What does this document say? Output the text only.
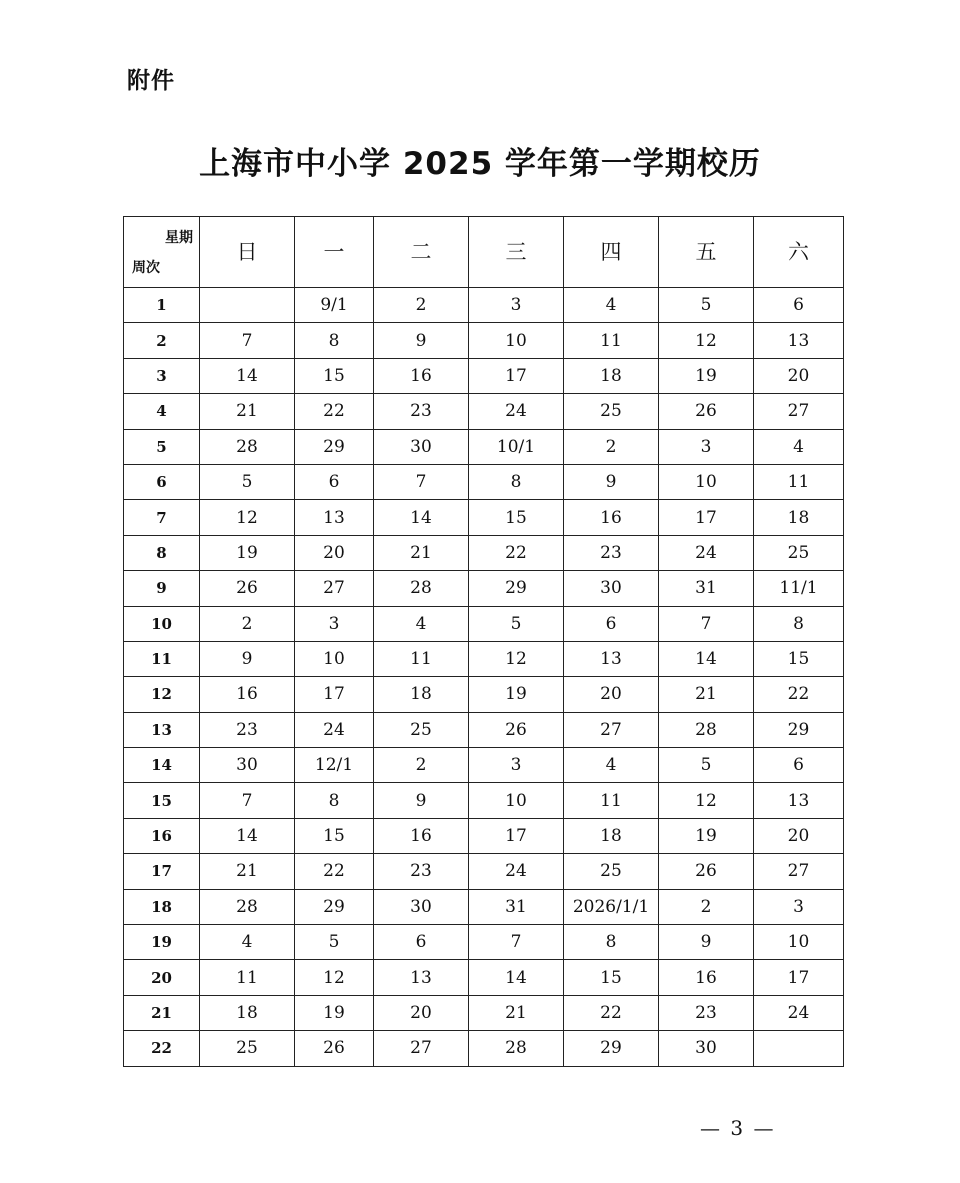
附件
上海市中小学 2025 学年第一学期校历
星期
周次	日	一	二	三	四	五	六
1		9/1	2	3	4	5	6
2	7	8	9	10	11	12	13
3	14	15	16	17	18	19	20
4	21	22	23	24	25	26	27
5	28	29	30	10/1	2	3	4
6	5	6	7	8	9	10	11
7	12	13	14	15	16	17	18
8	19	20	21	22	23	24	25
9	26	27	28	29	30	31	11/1
10	2	3	4	5	6	7	8
11	9	10	11	12	13	14	15
12	16	17	18	19	20	21	22
13	23	24	25	26	27	28	29
14	30	12/1	2	3	4	5	6
15	7	8	9	10	11	12	13
16	14	15	16	17	18	19	20
17	21	22	23	24	25	26	27
18	28	29	30	31	2026/1/1	2	3
19	4	5	6	7	8	9	10
20	11	12	13	14	15	16	17
21	18	19	20	21	22	23	24
22	25	26	27	28	29	30	
— 3 —
